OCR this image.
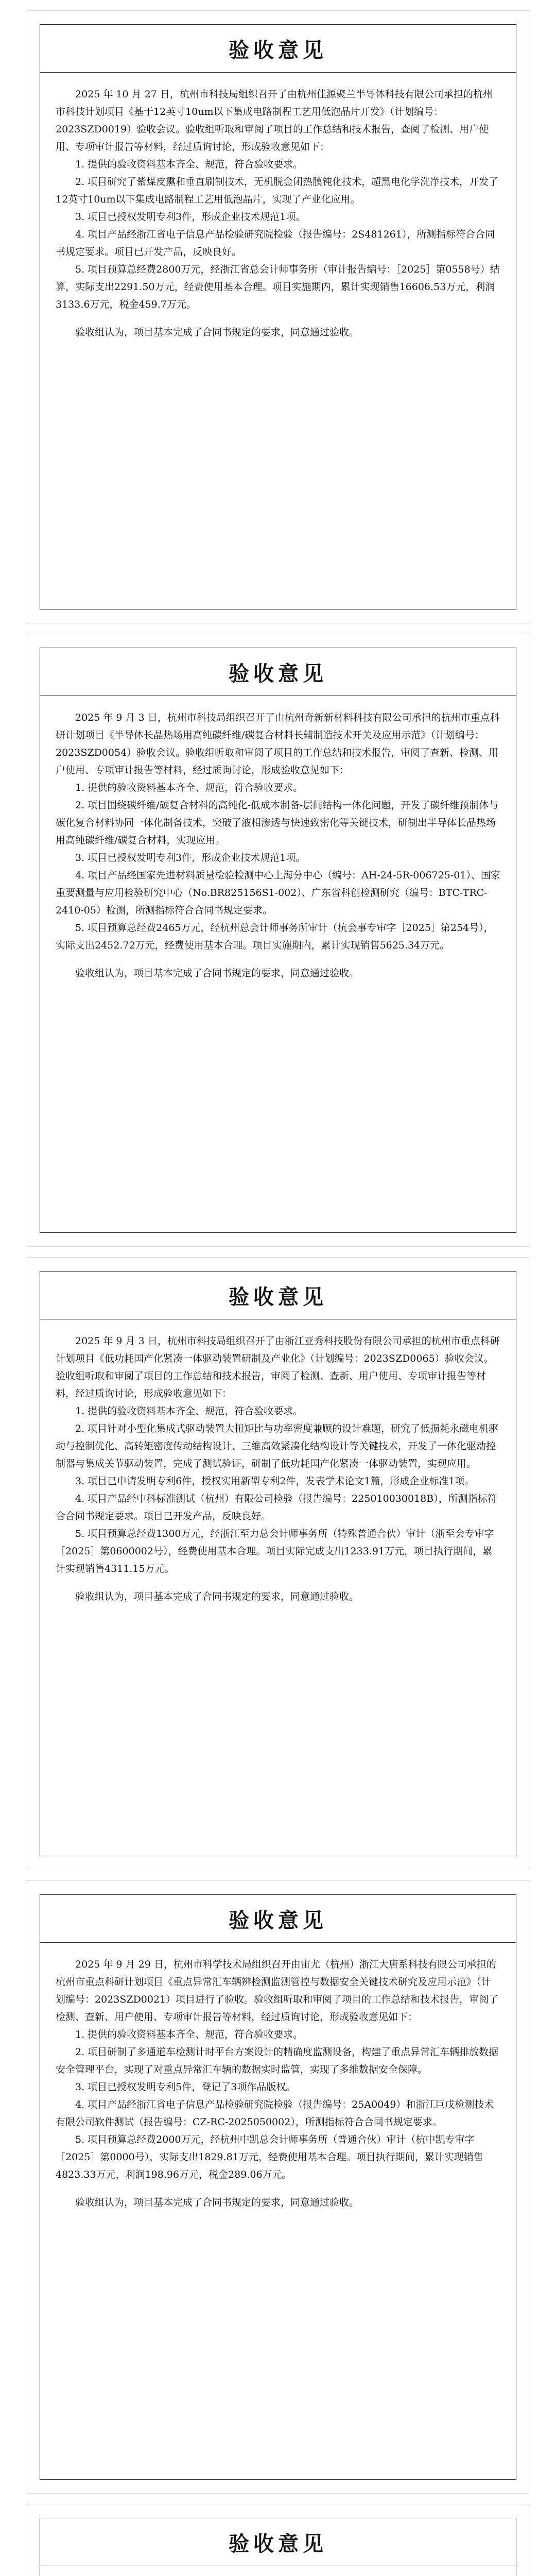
验收意见

2025 年 10 月 27 日，杭州市科技局组织召开了由杭州佳源聚兰半导体科技有限公司承担的杭州市科技计划项目《基于12英寸10um以下集成电路制程工艺用低泡晶片开发》（计划编号：2023SZD0019）验收会议。验收组听取和审阅了项目的工作总结和技术报告，查阅了检测、用户使用、专项审计报告等材料，经过质询讨论，形成验收意见如下：

1. 提供的验收资料基本齐全、规范，符合验收要求。

2. 项目研究了紫煤皮熏和垂直刷制技术，无机脱金闭热膜钝化技术，超黑电化学洗净技术，开发了12英寸10um以下集成电路制程工艺用低泡晶片，实现了产业化应用。

3. 项目已授权发明专利3件，形成企业技术规范1项。

4. 项目产品经浙江省电子信息产品检验研究院检验（报告编号：2S481261），所测指标符合合同书规定要求。项目已开发产品，反映良好。

5. 项目预算总经费2800万元，经浙江省总会计师事务所（审计报告编号：［2025］第0558号）结算，实际支出2291.50万元，经费使用基本合理。项目实施期内，累计实现销售16606.53万元，利润3133.6万元，税金459.7万元。

验收组认为，项目基本完成了合同书规定的要求，同意通过验收。

验收意见

2025 年 9 月 3 日，杭州市科技局组织召开了由杭州奇新新材料科技有限公司承担的杭州市重点科研计划项目《半导体长晶热场用高纯碳纤维/碳复合材料长辅制造技术开关及应用示范》（计划编号：2023SZD0054）验收会议。验收组听取和审阅了项目的工作总结和技术报告，审阅了查新、检测、用户使用、专项审计报告等材料，经过质询讨论，形成验收意见如下：

1. 提供的验收资料基本齐全、规范，符合验收要求。

2. 项目围绕碳纤维/碳复合材料的高纯化-低成本制备-层间结构一体化问题，开发了碳纤维预制体与碳化复合材料协同一体化制备技术，突破了液相渗透与快速致密化等关键技术，研制出半导体长晶热场用高纯碳纤维/碳复合材料，实现应用。

3. 项目已授权发明专利3件，形成企业技术规范1项。

4. 项目产品经国家先进材料质量检验检测中心上海分中心（编号：AH-24-5R-006725-01）、国家重要测量与应用检验研究中心（No.BR825156S1-002）、广东省科创检测研究（编号：BTC-TRC-2410-05）检测，所测指标符合合同书规定要求。

5. 项目预算总经费2465万元，经杭州总会计师事务所审计（杭会事专审字［2025］第254号），实际支出2452.72万元，经费使用基本合理。项目实施期内，累计实现销售5625.34万元。

验收组认为，项目基本完成了合同书规定的要求，同意通过验收。

验收意见

2025 年 9 月 3 日，杭州市科技局组织召开了由浙江亚秀科技股份有限公司承担的杭州市重点科研计划项目《低功耗国产化紧凑一体驱动装置研制及产业化》（计划编号：2023SZD0065）验收会议。验收组听取和审阅了项目的工作总结和技术报告，审阅了检测、查新、用户使用、专项审计报告等材料，经过质询讨论，形成验收意见如下：

1. 提供的验收资料基本齐全、规范，符合验收要求。

2. 项目针对小型化集成式驱动装置大扭矩比与功率密度兼顾的设计难题，研究了低损耗永磁电机驱动与控制优化、高转矩密度传动结构设计、三维高效紧凑化结构设计等关键技术，开发了一体化驱动控制器与集成关节驱动装置，完成了测试验证，研制了低功耗国产化紧凑一体驱动装置，实现应用。

3. 项目已申请发明专利6件，授权实用新型专利2件，发表学术论文1篇，形成企业标准1项。

4. 项目产品经中科标准测试（杭州）有限公司检验（报告编号：225010030018B），所测指标符合合同书规定要求。项目已开发产品，反映良好。

5. 项目预算总经费1300万元，经浙江至力总会计师事务所（特殊普通合伙）审计（浙至会专审字［2025］第0600002号），经费使用基本合理。项目实际完成支出1233.91万元，项目执行期间，累计实现销售4311.15万元。

验收组认为，项目基本完成了合同书规定的要求，同意通过验收。

验收意见

2025 年 9 月 29 日，杭州市科学技术局组织召开由宙尤（杭州）浙江大唐系科技有限公司承担的杭州市重点科研计划项目《重点异常汇车辆辨检测监测管控与数据安全关键技术研究及应用示范》（计划编号：2023SZD0021）项目进行了验收。验收组听取和审阅了项目的工作总结和技术报告，审阅了检测、查新、用户使用、专项审计报告等材料，经过质询讨论，形成验收意见如下：

1. 提供的验收资料基本齐全、规范，符合验收要求。

2. 项目研制了多通道车检测计时平台方案设计的精确度监测设备，构建了重点异常汇车辆排放数据安全管理平台，实现了对重点异常汇车辆的数据实时监管，实现了多维数据安全保障。

3. 项目已授权发明专利5件，登记了3项作品版权。

4. 项目产品经浙江省电子信息产品检验研究院检验（报告编号：25A0049）和浙江巨戊检测技术有限公司软件测试（报告编号：CZ-RC-2025050002），所测指标符合合同书规定要求。

5. 项目预算总经费2000万元，经杭州中凯总会计师事务所（普通合伙）审计（杭中凯专审字［2025］第0000号），实际支出1829.81万元，经费使用基本合理。项目执行期间，累计实现销售4823.33万元，利润198.96万元，税金289.06万元。

验收组认为，项目基本完成了合同书规定的要求，同意通过验收。

验收意见
